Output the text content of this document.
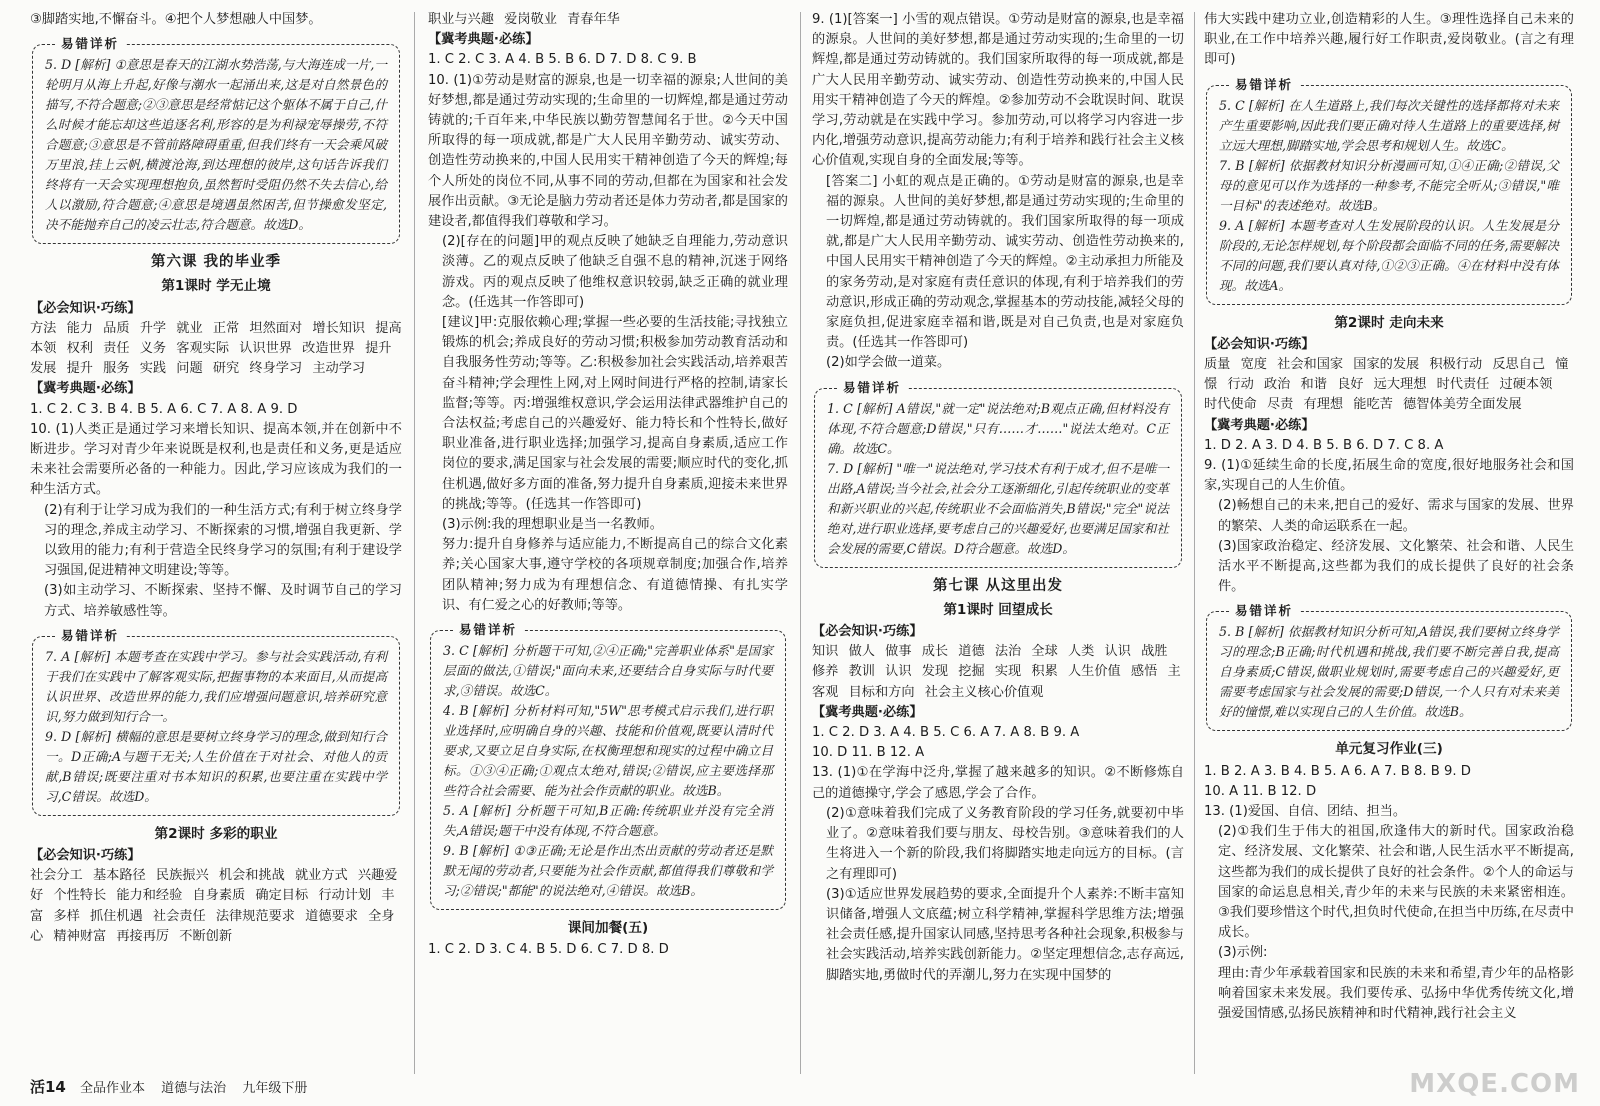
③脚踏实地,不懈奋斗。④把个人梦想融人中国梦。

易错详析

5. D [解析] ①意思是春天的江湖水势浩荡,与大海连成一片,一轮明月从海上升起,好像与潮水一起涌出来,这是对自然景色的描写,不符合题意;②③意思是经常惦记这个躯体不属于自己,什么时候才能忘却这些追逐名利,形容的是为利禄宠辱操劳,不符合题意;③意思是不管前路障碍重重,但我们终有一天会乘风破万里浪,挂上云帆,横渡沧海,到达理想的彼岸,这句话告诉我们终将有一天会实现理想抱负,虽然暂时受阻仍然不失去信心,给人以激励,符合题意;④意思是境遇虽然困苦,但节操愈发坚定,决不能抛弃自己的凌云壮志,符合题意。故选D。

第六课 我的毕业季
第1课时 学无止境

【必会知识·巧练】

方法 能力 品质 升学 就业 正常 坦然面对 增长知识 提高本领 权利 责任 义务 客观实际 认识世界 改造世界 提升 发展 提升 服务 实践 问题 研究 终身学习 主动学习

【冀考典题·必练】

1. C 2. C 3. B 4. B 5. A 6. C 7. A 8. A 9. D

10. (1)人类正是通过学习来增长知识、提高本领,并在创新中不断进步。学习对青少年来说既是权利,也是责任和义务,更是适应未来社会需要所必备的一种能力。因此,学习应该成为我们的一种生活方式。

(2)有利于让学习成为我们的一种生活方式;有利于树立终身学习的理念,养成主动学习、不断探索的习惯,增强自我更新、学以致用的能力;有利于营造全民终身学习的氛围;有利于建设学习强国,促进精神文明建设;等等。

(3)如主动学习、不断探索、坚持不懈、及时调节自己的学习方式、培养敏感性等。

易错详析

7. A [解析] 本题考查在实践中学习。参与社会实践活动,有利于我们在实践中了解客观实际,把握事物的本来面目,从而提高认识世界、改造世界的能力,我们应增强问题意识,培养研究意识,努力做到知行合一。

9. D [解析] 横幅的意思是要树立终身学习的理念,做到知行合一。D正确;A与题干无关;人生价值在于对社会、对他人的贡献,B错误;既要注重对书本知识的积累,也要注重在实践中学习,C错误。故选D。

第2课时 多彩的职业

【必会知识·巧练】

社会分工 基本路径 民族振兴 机会和挑战 就业方式 兴趣爱好 个性特长 能力和经验 自身素质 确定目标 行动计划 丰富 多样 抓住机遇 社会责任 法律规范要求 道德要求 全身心 精神财富 再接再厉 不断创新

职业与兴趣 爱岗敬业 青春年华

【冀考典题·必练】

1. C 2. C 3. A 4. B 5. B 6. D 7. D 8. C 9. B

10. (1)①劳动是财富的源泉,也是一切幸福的源泉;人世间的美好梦想,都是通过劳动实现的;生命里的一切辉煌,都是通过劳动铸就的;千百年来,中华民族以勤劳智慧闻名于世。②今天中国所取得的每一项成就,都是广大人民用辛勤劳动、诚实劳动、创造性劳动换来的,中国人民用实干精神创造了今天的辉煌;每个人所处的岗位不同,从事不同的劳动,但都在为国家和社会发展作出贡献。③无论是脑力劳动者还是体力劳动者,都是国家的建设者,都值得我们尊敬和学习。

(2)[存在的问题]甲的观点反映了她缺乏自理能力,劳动意识淡薄。乙的观点反映了他缺乏自强不息的精神,沉迷于网络游戏。丙的观点反映了他维权意识较弱,缺乏正确的就业理念。(任选其一作答即可)

[建议]甲:克服依赖心理;掌握一些必要的生活技能;寻找独立锻炼的机会;养成良好的劳动习惯;积极参加劳动教育活动和自我服务性劳动;等等。乙:积极参加社会实践活动,培养艰苦奋斗精神;学会理性上网,对上网时间进行严格的控制,请家长监督;等等。丙:增强维权意识,学会运用法律武器维护自己的合法权益;考虑自己的兴趣爱好、能力特长和个性特长,做好职业准备,进行职业选择;加强学习,提高自身素质,适应工作岗位的要求,满足国家与社会发展的需要;顺应时代的变化,抓住机遇,做好多方面的准备,努力提升自身素质,迎接未来世界的挑战;等等。(任选其一作答即可)

(3)示例:我的理想职业是当一名教师。

努力:提升自身修养与适应能力,不断提高自己的综合文化素养;关心国家大事,遵守学校的各项规章制度;加强合作,培养团队精神;努力成为有理想信念、有道德情操、有扎实学识、有仁爱之心的好教师;等等。

易错详析

3. C [解析] 分析题干可知,②④正确;"完善职业体系"是国家层面的做法,①错误;"面向未来,还要结合自身实际与时代要求,③错误。故选C。

4. B [解析] 分析材料可知,"5W"思考模式启示我们,进行职业选择时,应明确自身的兴趣、技能和价值观,既要认清时代要求,又要立足自身实际,在权衡理想和现实的过程中确立目标。①③④正确;①观点太绝对,错误;②错误,应主要选择那些符合社会需要、能为社会作贡献的职业。故选B。

5. A [解析] 分析题干可知,B正确:传统职业并没有完全消失,A错误;题干中没有体现,不符合题意。

9. B [解析] ①③正确;无论是作出杰出贡献的劳动者还是默默无闻的劳动者,只要能为社会作贡献,都值得我们尊敬和学习;②错误;"都能"的说法绝对,④错误。故选B。

课间加餐(五)

1. C 2. D 3. C 4. B 5. D 6. C 7. D 8. D

9. (1)[答案一] 小雪的观点错误。①劳动是财富的源泉,也是幸福的源泉。人世间的美好梦想,都是通过劳动实现的;生命里的一切辉煌,都是通过劳动铸就的。我们国家所取得的每一项成就,都是广大人民用辛勤劳动、诚实劳动、创造性劳动换来的,中国人民用实干精神创造了今天的辉煌。②参加劳动不会耽误时间、耽误学习,劳动就是在实践中学习。参加劳动,可以将学习内容进一步内化,增强劳动意识,提高劳动能力;有利于培养和践行社会主义核心价值观,实现自身的全面发展;等等。

[答案二] 小虹的观点是正确的。①劳动是财富的源泉,也是幸福的源泉。人世间的美好梦想,都是通过劳动实现的;生命里的一切辉煌,都是通过劳动铸就的。我们国家所取得的每一项成就,都是广大人民用辛勤劳动、诚实劳动、创造性劳动换来的,中国人民用实干精神创造了今天的辉煌。②主动承担力所能及的家务劳动,是对家庭有责任意识的体现,有利于培养我们的劳动意识,形成正确的劳动观念,掌握基本的劳动技能,减轻父母的家庭负担,促进家庭幸福和谐,既是对自己负责,也是对家庭负责。(任选其一作答即可)

(2)如学会做一道菜。

易错详析

1. C [解析] A错误,"就一定"说法绝对;B观点正确,但材料没有体现,不符合题意;D错误,"只有……才……"说法太绝对。C正确。故选C。

7. D [解析] "唯一"说法绝对,学习技术有利于成才,但不是唯一出路,A错误;当今社会,社会分工逐渐细化,引起传统职业的变革和新兴职业的兴起,传统职业不会面临消失,B错误;"完全"说法绝对,进行职业选择,要考虑自己的兴趣爱好,也要满足国家和社会发展的需要,C错误。D符合题意。故选D。

第七课 从这里出发
第1课时 回望成长

【必会知识·巧练】

知识 做人 做事 成长 道德 法治 全球 人类 认识 战胜 修养 教训 认识 发现 挖掘 实现 积累 人生价值 感悟 主客观 目标和方向 社会主义核心价值观

【冀考典题·必练】

1. C 2. D 3. A 4. B 5. C 6. A 7. A 8. B 9. A

10. D 11. B 12. A

13. (1)①在学海中泛舟,掌握了越来越多的知识。②不断修炼自己的道德操守,学会了感恩,学会了合作。

(2)①意味着我们完成了义务教育阶段的学习任务,就要初中毕业了。②意味着我们要与朋友、母校告别。③意味着我们的人生将进入一个新的阶段,我们将脚踏实地走向远方的目标。(言之有理即可)

(3)①适应世界发展趋势的要求,全面提升个人素养:不断丰富知识储备,增强人文底蕴;树立科学精神,掌握科学思维方法;增强社会责任感,提升国家认同感,坚持思考各种社会现象,积极参与社会实践活动,培养实践创新能力。②坚定理想信念,志存高远,脚踏实地,勇做时代的弄潮儿,努力在实现中国梦的

伟大实践中建功立业,创造精彩的人生。③理性选择自己未来的职业,在工作中培养兴趣,履行好工作职责,爱岗敬业。(言之有理即可)

易错详析

5. C [解析] 在人生道路上,我们每次关键性的选择都将对未来产生重要影响,因此我们要正确对待人生道路上的重要选择,树立远大理想,脚踏实地,学会思考和规划人生。故选C。

7. B [解析] 依据教材知识分析漫画可知,①④正确;②错误,父母的意见可以作为选择的一种参考,不能完全听从;③错误,"唯一目标"的表述绝对。故选B。

9. A [解析] 本题考查对人生发展阶段的认识。人生发展是分阶段的,无论怎样规划,每个阶段都会面临不同的任务,需要解决不同的问题,我们要认真对待,①②③正确。④在材料中没有体现。故选A。

第2课时 走向未来

【必会知识·巧练】

质量 宽度 社会和国家 国家的发展 积极行动 反思自己 憧憬 行动 政治 和谐 良好 远大理想 时代责任 过硬本领 时代使命 尽责 有理想 能吃苦 德智体美劳全面发展

【冀考典题·必练】

1. D 2. A 3. D 4. B 5. B 6. D 7. C 8. A

9. (1)①延续生命的长度,拓展生命的宽度,很好地服务社会和国家,实现自己的人生价值。

(2)畅想自己的未来,把自己的爱好、需求与国家的发展、世界的繁荣、人类的命运联系在一起。

(3)国家政治稳定、经济发展、文化繁荣、社会和谐、人民生活水平不断提高,这些都为我们的成长提供了良好的社会条件。

易错详析

5. B [解析] 依据教材知识分析可知,A错误,我们要树立终身学习的理念;B正确;时代机遇和挑战,我们要不断完善自我,提高自身素质;C错误,做职业规划时,需要考虑自己的兴趣爱好,更需要考虑国家与社会发展的需要;D错误,一个人只有对未来美好的憧憬,难以实现自己的人生价值。故选B。

单元复习作业(三)

1. B 2. A 3. B 4. B 5. A 6. A 7. B 8. B 9. D

10. A 11. B 12. D

13. (1)爱国、自信、团结、担当。

(2)①我们生于伟大的祖国,欣逢伟大的新时代。国家政治稳定、经济发展、文化繁荣、社会和谐,人民生活水平不断提高,这些都为我们的成长提供了良好的社会条件。②个人的命运与国家的命运息息相关,青少年的未来与民族的未来紧密相连。③我们要珍惜这个时代,担负时代使命,在担当中历练,在尽责中成长。

(3)示例:

理由:青少年承载着国家和民族的未来和希望,青少年的品格影响着国家未来发展。我们要传承、弘扬中华优秀传统文化,增强爱国情感,弘扬民族精神和时代精神,践行社会主义

活14 全品作业本 道德与法治 九年级下册	MXQE.COM
